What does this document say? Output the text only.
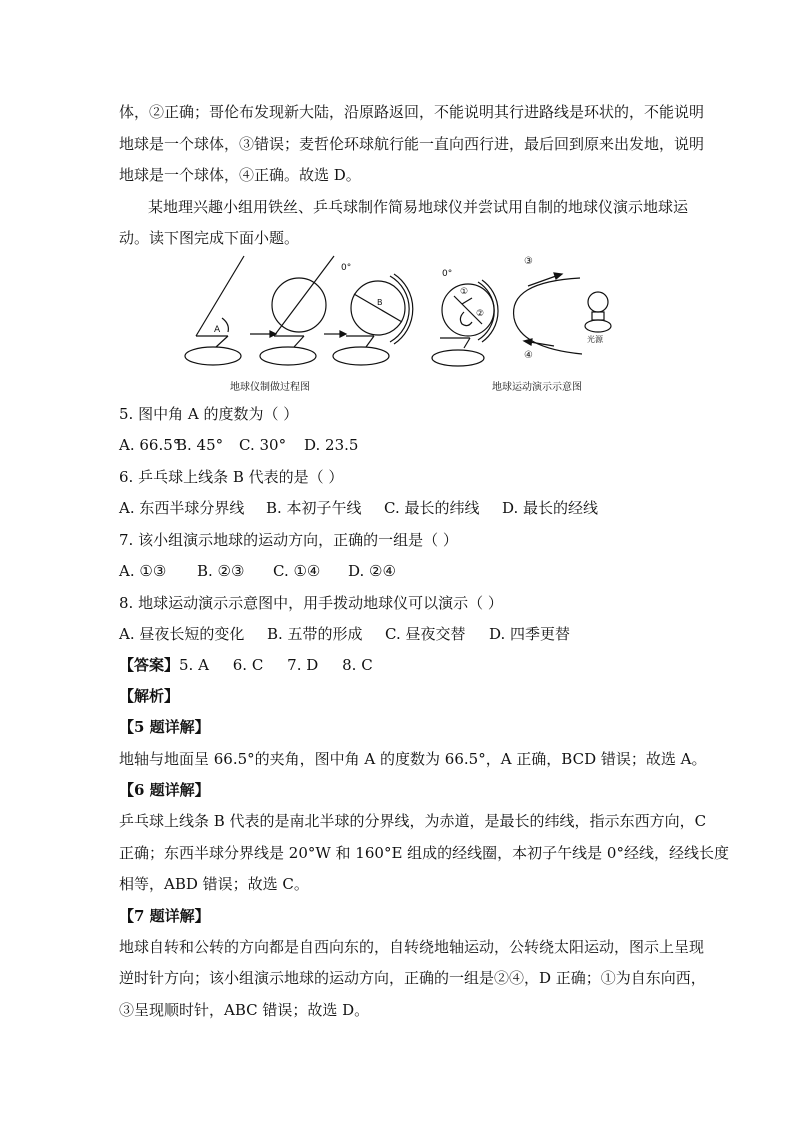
体，②正确；哥伦布发现新大陆，沿原路返回，不能说明其行进路线是环状的，不能说明
地球是一个球体，③错误；麦哲伦环球航行能一直向西行进，最后回到原来出发地，说明
地球是一个球体，④正确。故选 D。
某地理兴趣小组用铁丝、乒乓球制作简易地球仪并尝试用自制的地球仪演示地球运
动。读下图完成下面小题。
A
B
0°
0°
①
②
③
④
光源
地球仪制做过程图	地球运动演示示意图
5. 图中角 A 的度数为（ ）
A. 66.5°B. 45° C. 30° D. 23.5
6. 乒乓球上线条 B 代表的是（ ）
A. 东西半球分界线 B. 本初子午线 C. 最长的纬线 D. 最长的经线
7. 该小组演示地球的运动方向，正确的一组是（ ）
A. ①③ B. ②③ C. ①④ D. ②④
8. 地球运动演示示意图中，用手拨动地球仪可以演示（ ）
A. 昼夜长短的变化 B. 五带的形成 C. 昼夜交替 D. 四季更替
【答案】5. A     6. C     7. D     8. C
【解析】
【5 题详解】
地轴与地面呈 66.5°的夹角，图中角 A 的度数为 66.5°，A 正确，BCD 错误；故选 A。
【6 题详解】
乒乓球上线条 B 代表的是南北半球的分界线，为赤道，是最长的纬线，指示东西方向，C
正确；东西半球分界线是 20°W 和 160°E 组成的经线圈，本初子午线是 0°经线，经线长度
相等，ABD 错误；故选 C。
【7 题详解】
地球自转和公转的方向都是自西向东的，自转绕地轴运动，公转绕太阳运动，图示上呈现
逆时针方向；该小组演示地球的运动方向，正确的一组是②④，D 正确；①为自东向西，
③呈现顺时针，ABC 错误；故选 D。
